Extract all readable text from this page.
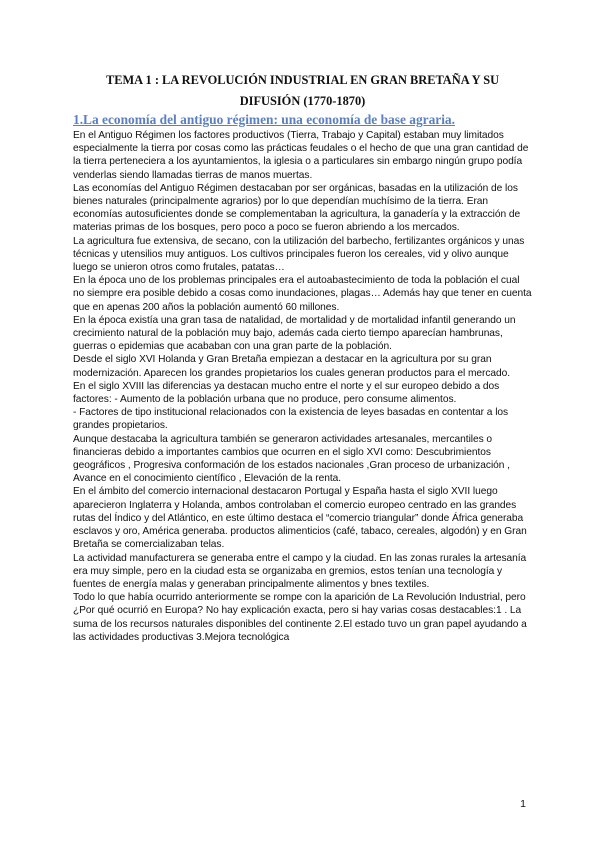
TEMA 1 : LA REVOLUCIÓN INDUSTRIAL EN GRAN BRETAÑA Y SU DIFUSIÓN (1770-1870)
1.La economía del antiguo régimen: una economía de base agraria.

En el Antiguo Régimen los factores productivos (Tierra, Trabajo y Capital) estaban muy limitados especialmente la tierra por cosas como las prácticas feudales o el hecho de que una gran cantidad de la tierra perteneciera a los ayuntamientos, la iglesia o a particulares sin embargo ningún grupo podía venderlas siendo llamadas tierras de manos muertas.

Las economías del Antiguo Régimen destacaban por ser orgánicas, basadas en la utilización de los bienes naturales (principalmente agrarios) por lo que dependían muchísimo de la tierra. Eran economías autosuficientes donde se complementaban la agricultura, la ganadería y la extracción de materias primas de los bosques, pero poco a poco se fueron abriendo a los mercados.

La agricultura fue extensiva, de secano, con la utilización del barbecho, fertilizantes orgánicos y unas técnicas y utensilios muy antiguos. Los cultivos principales fueron los cereales, vid y olivo aunque luego se unieron otros como frutales, patatas…

En la época uno de los problemas principales era el autoabastecimiento de toda la población el cual no siempre era posible debido a cosas como inundaciones, plagas… Además hay que tener en cuenta que en apenas 200 años la población aumentó 60 millones.

En la época existía una gran tasa de natalidad, de mortalidad y de mortalidad infantil generando un crecimiento natural de la población muy bajo, además cada cierto tiempo aparecían hambrunas, guerras o epidemias que acababan con una gran parte de la población.

Desde el siglo XVI Holanda y Gran Bretaña empiezan a destacar en la agricultura por su gran modernización. Aparecen los grandes propietarios los cuales generan productos para el mercado.

En el siglo XVIII las diferencias ya destacan mucho entre el norte y el sur europeo debido a dos factores: - Aumento de la población urbana que no produce, pero consume alimentos.

- Factores de tipo institucional relacionados con la existencia de leyes basadas en contentar a los grandes propietarios.

Aunque destacaba la agricultura también se generaron actividades artesanales, mercantiles o financieras debido a importantes cambios que ocurren en el siglo XVI como: Descubrimientos geográficos , Progresiva conformación de los estados nacionales ,Gran proceso de urbanización , Avance en el conocimiento científico , Elevación de la renta.

En el ámbito del comercio internacional destacaron Portugal y España hasta el siglo XVII luego aparecieron Inglaterra y Holanda, ambos controlaban el comercio europeo centrado en las grandes rutas del Índico y del Atlántico, en este último destaca el “comercio triangular” donde África generaba esclavos y oro, América generaba. productos alimenticios (café, tabaco, cereales, algodón) y en Gran Bretaña se comercializaban telas.

La actividad manufacturera se generaba entre el campo y la ciudad. En las zonas rurales la artesanía era muy simple, pero en la ciudad esta se organizaba en gremios, estos tenían una tecnología y fuentes de energía malas y generaban principalmente alimentos y bnes textiles.

Todo lo que había ocurrido anteriormente se rompe con la aparición de La Revolución Industrial, pero ¿Por qué ocurrió en Europa? No hay explicación exacta, pero si hay varias cosas destacables:1 . La suma de los recursos naturales disponibles del continente 2.El estado tuvo un gran papel ayudando a las actividades productivas 3.Mejora tecnológica

1
